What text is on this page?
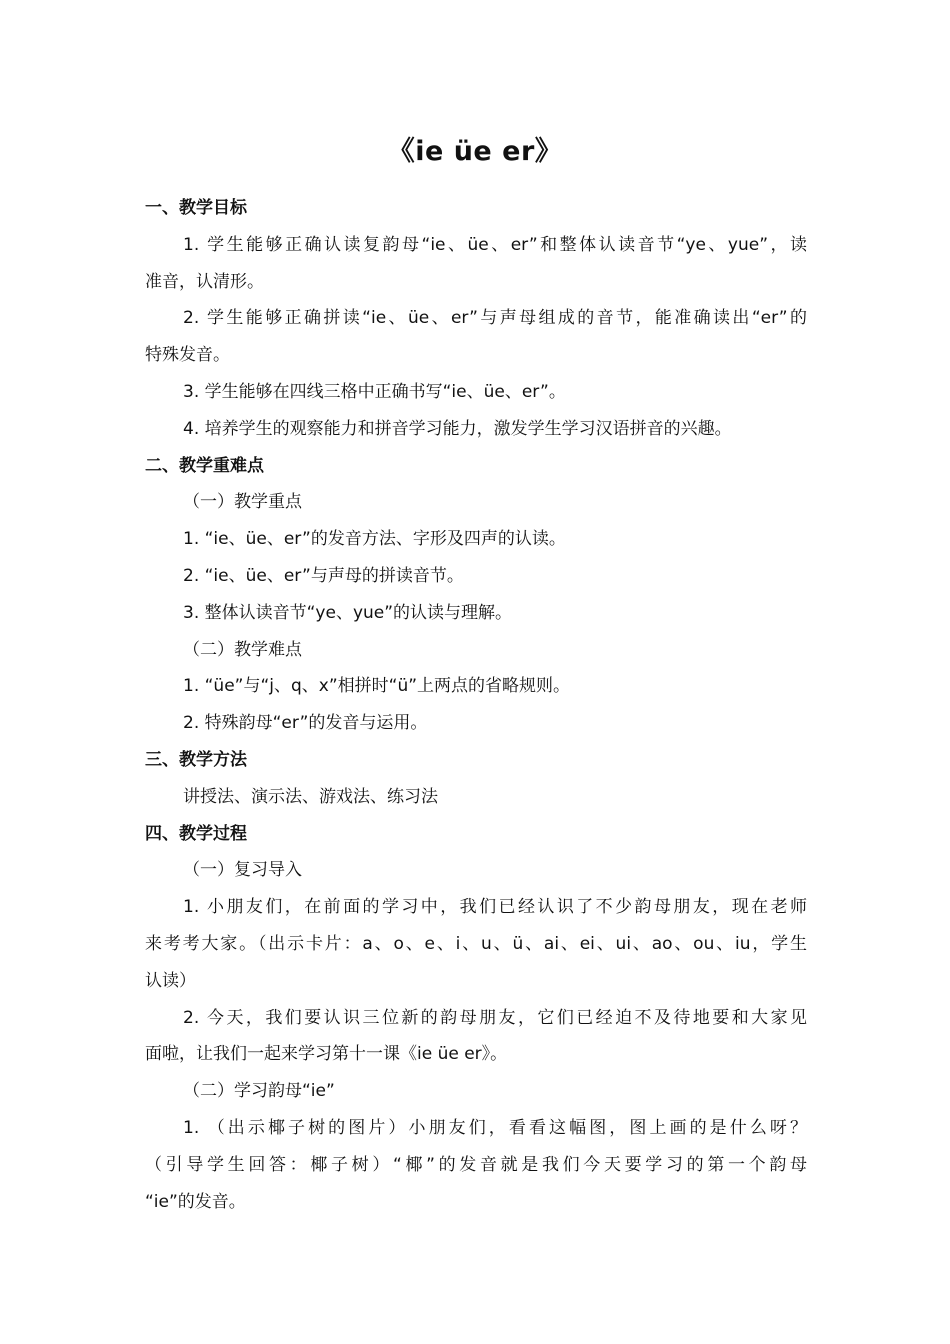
《ie üe er》
一、教学目标
1. 学生能够正确认读复韵母“ie、üe、er”和整体认读音节“ye、yue”，读
准音，认清形。
2. 学生能够正确拼读“ie、üe、er”与声母组成的音节，能准确读出“er”的
特殊发音。
3. 学生能够在四线三格中正确书写“ie、üe、er”。
4. 培养学生的观察能力和拼音学习能力，激发学生学习汉语拼音的兴趣。
二、教学重难点
（一）教学重点
1. “ie、üe、er”的发音方法、字形及四声的认读。
2. “ie、üe、er”与声母的拼读音节。
3. 整体认读音节“ye、yue”的认读与理解。
（二）教学难点
1. “üe”与“j、q、x”相拼时“ü”上两点的省略规则。
2. 特殊韵母“er”的发音与运用。
三、教学方法
讲授法、演示法、游戏法、练习法
四、教学过程
（一）复习导入
1. 小朋友们，在前面的学习中，我们已经认识了不少韵母朋友，现在老师
来考考大家。（出示卡片：a、o、e、i、u、ü、ai、ei、ui、ao、ou、iu，学生
认读）
2. 今天，我们要认识三位新的韵母朋友，它们已经迫不及待地要和大家见
面啦，让我们一起来学习第十一课《ie üe er》。
（二）学习韵母“ie”
1. （出示椰子树的图片）小朋友们，看看这幅图，图上画的是什么呀？
（引导学生回答：椰子树）“椰”的发音就是我们今天要学习的第一个韵母
“ie”的发音。
